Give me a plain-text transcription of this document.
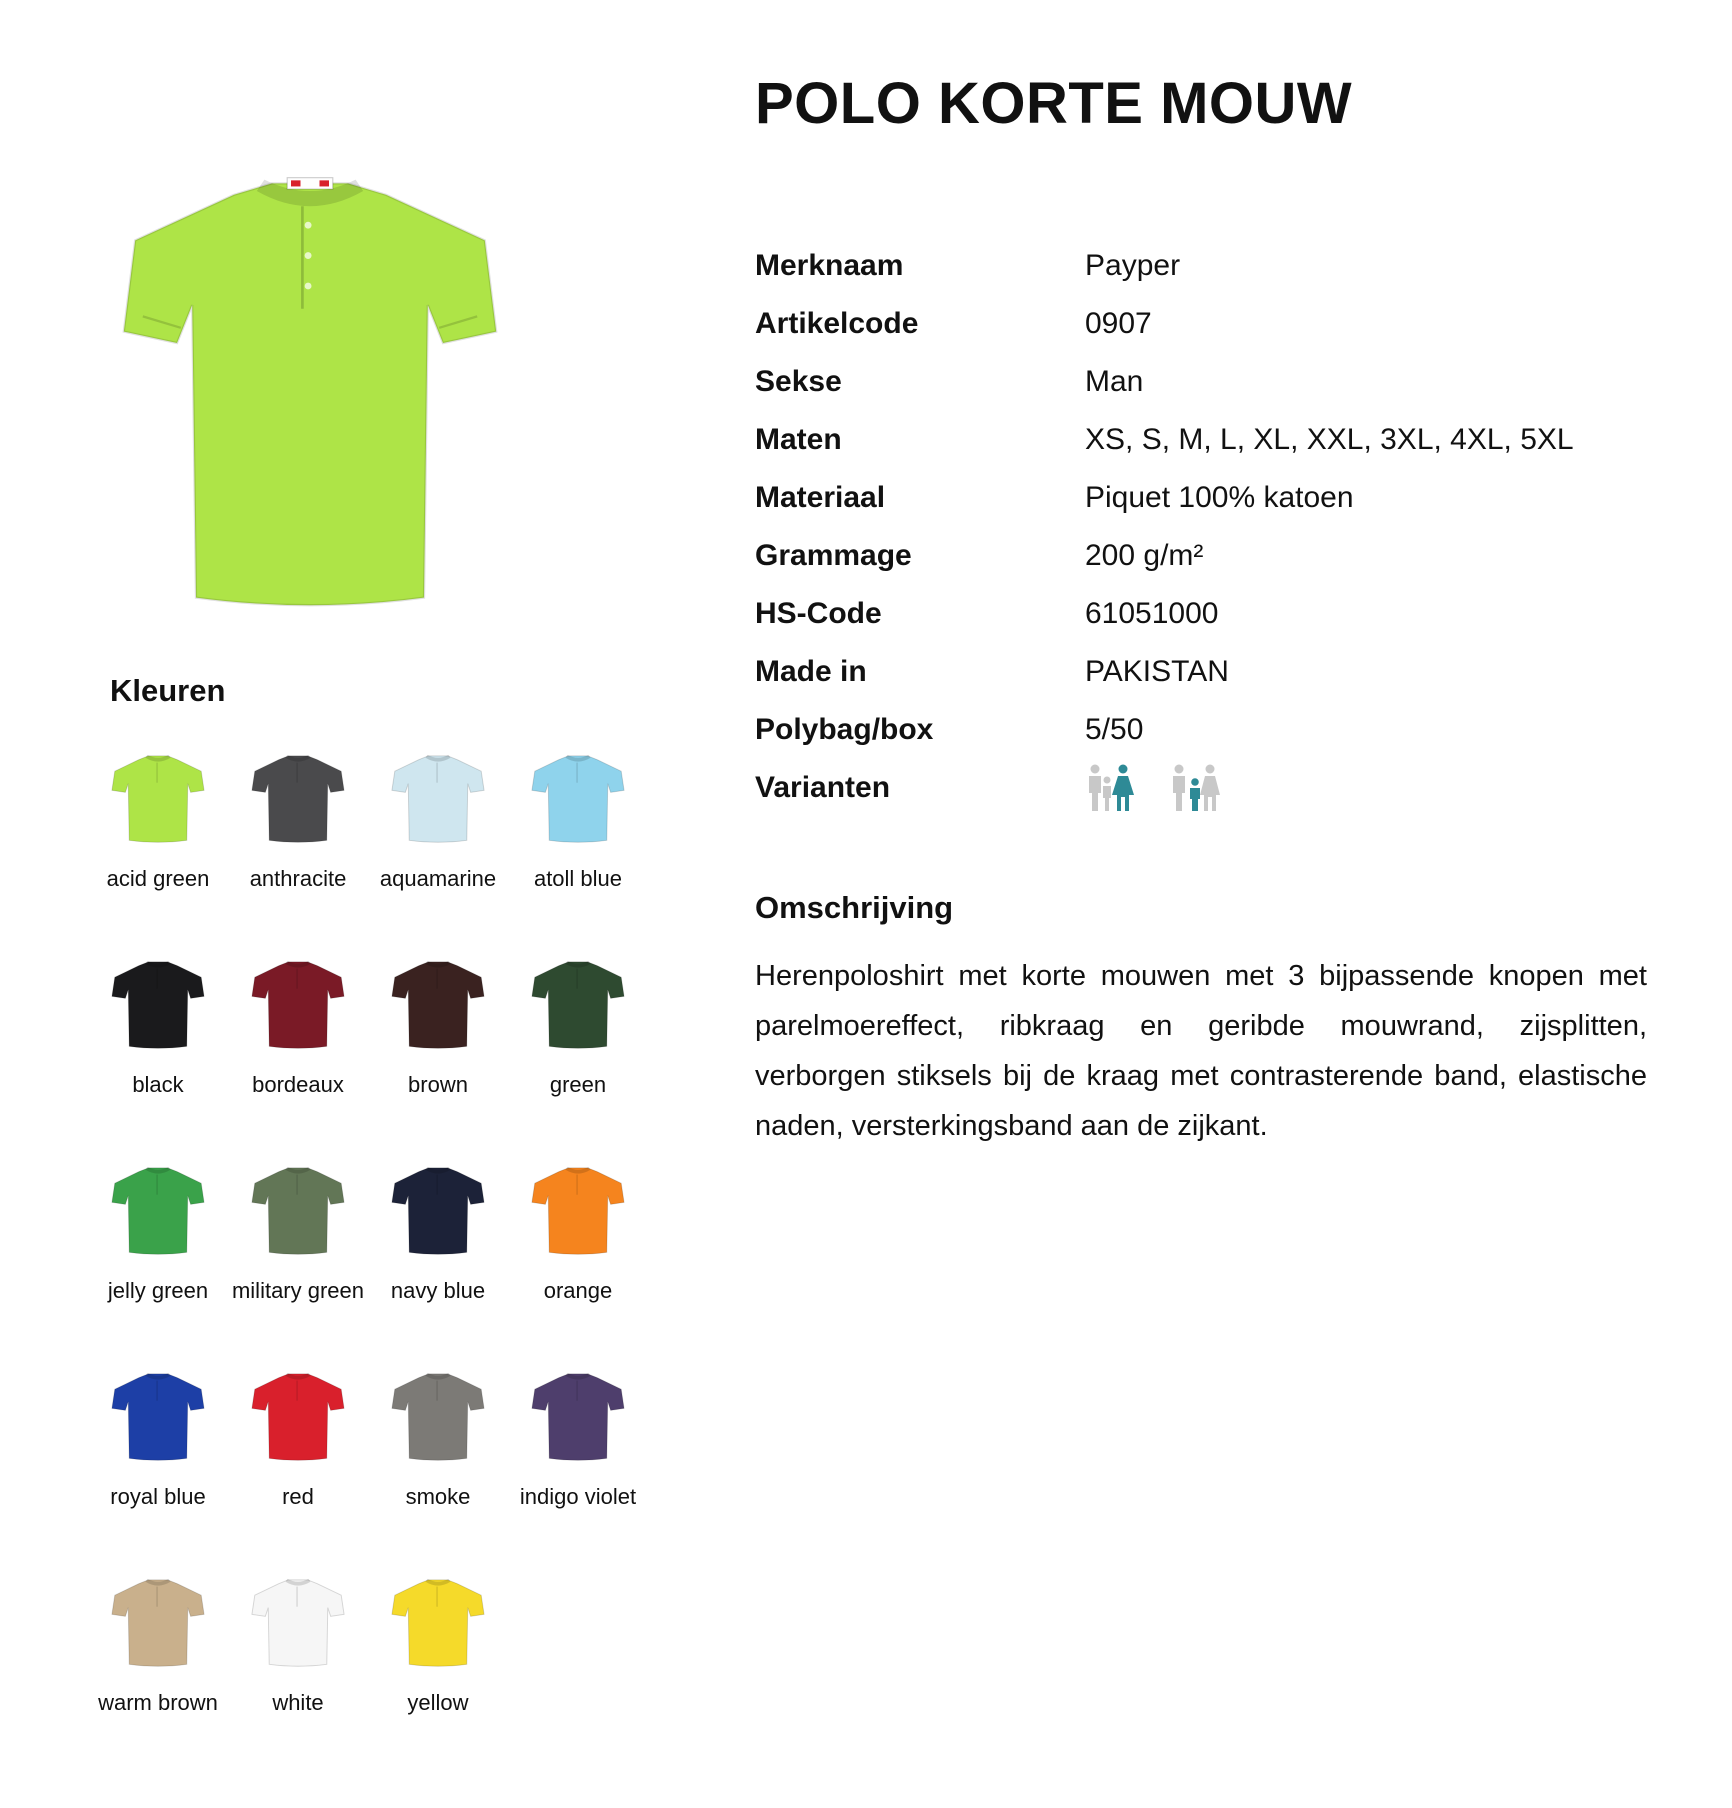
Kleuren
acid green	anthracite	aquamarine	atoll blue
black	bordeaux	brown	green
jelly green	military green	navy blue	orange
royal blue	red	smoke	indigo violet
warm brown	white	yellow
POLO KORTE MOUW
Merknaam	Payper
Artikelcode	0907
Sekse	Man
Maten	XS, S, M, L, XL, XXL, 3XL, 4XL, 5XL
Materiaal	Piquet 100% katoen
Grammage	200 g/m²
HS-Code	61051000
Made in	PAKISTAN
Polybag/box	5/50
Varianten
Omschrijving

Herenpoloshirt met korte mouwen met 3 bijpassende knopen met parelmoereffect, ribkraag en geribde mouwrand, zijsplitten, verborgen stiksels bij de kraag met contrasterende band, elastische naden, versterkingsband aan de zijkant.
